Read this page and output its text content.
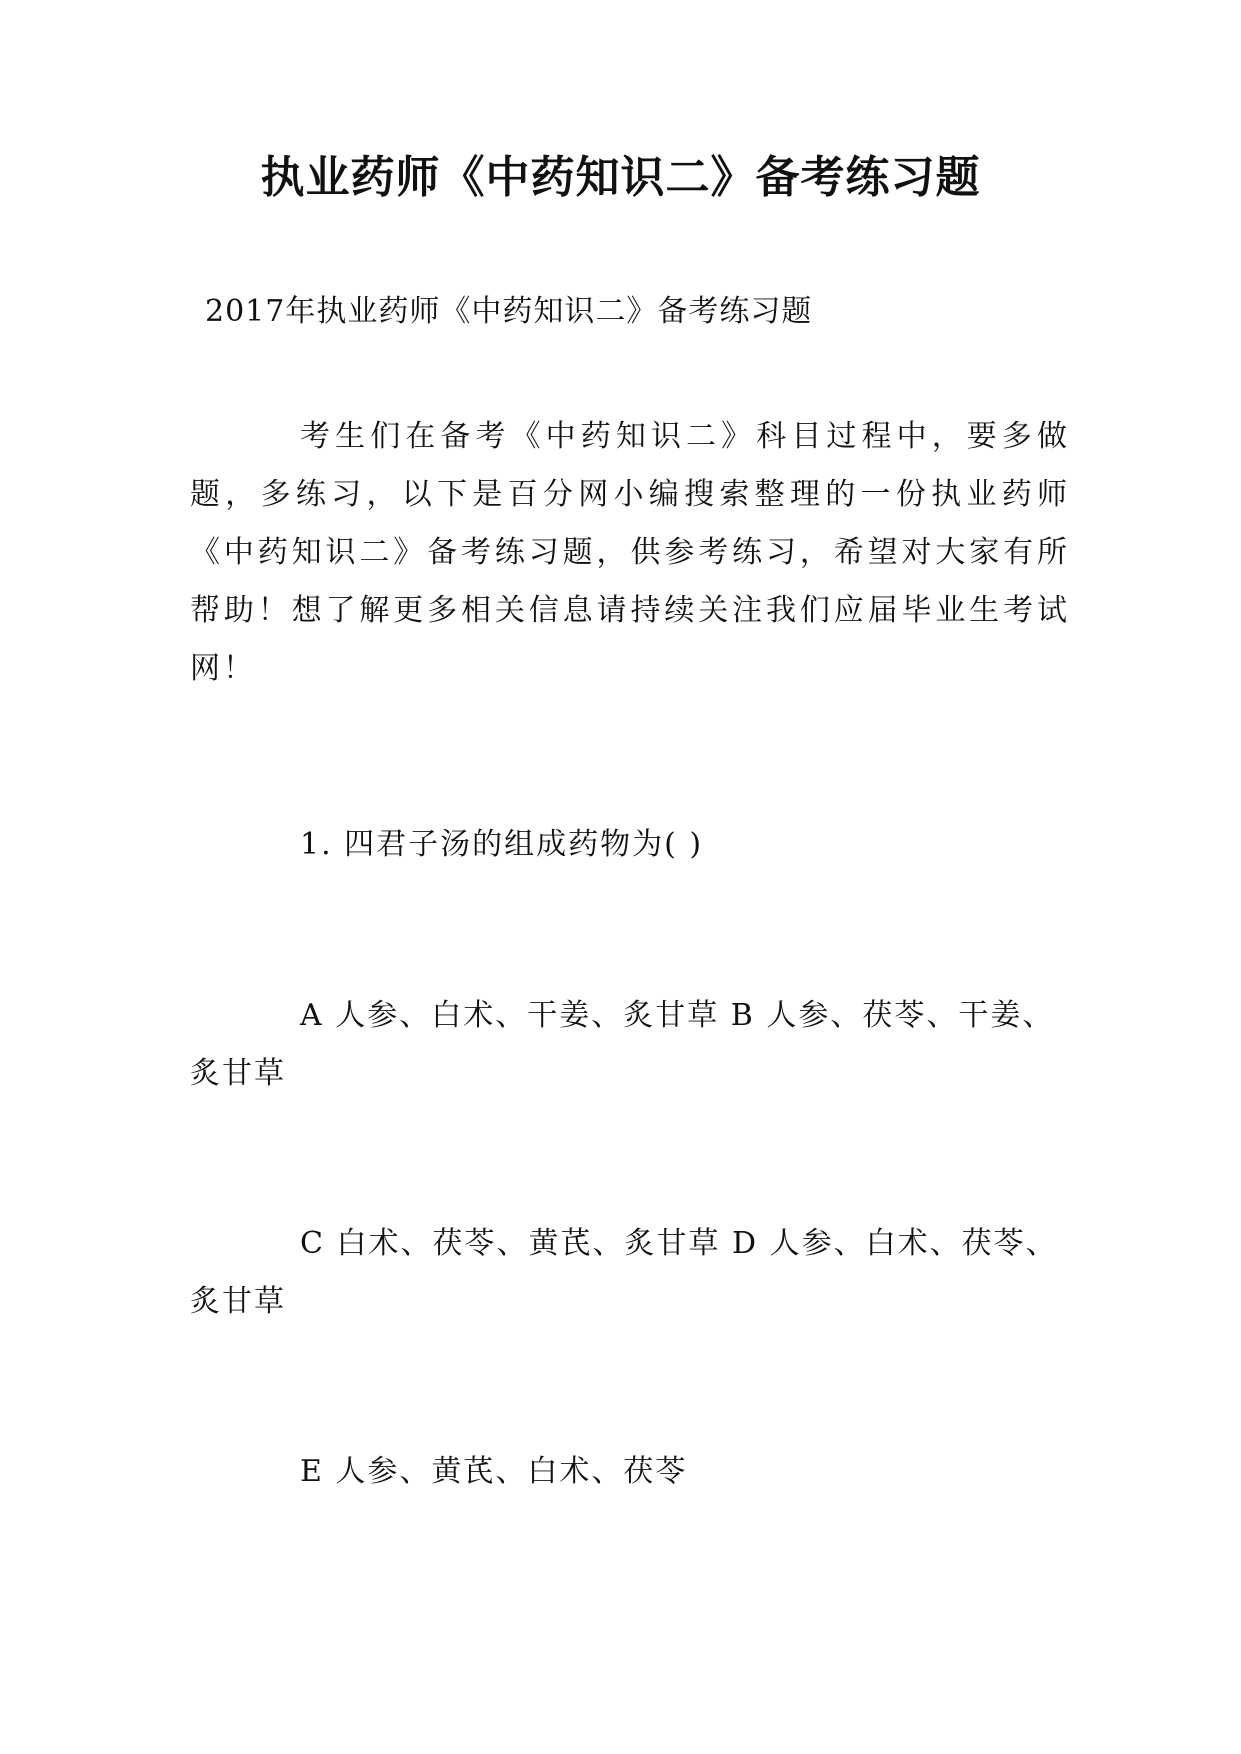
执业药师《中药知识二》备考练习题
2017年执业药师《中药知识二》备考练习题
考生们在备考《中药知识二》科目过程中，要多做题，多练习，以下是百分网小编搜索整理的一份执业药师《中药知识二》备考练习题，供参考练习，希望对大家有所帮助！想了解更多相关信息请持续关注我们应届毕业生考试网！
1. 四君子汤的组成药物为( )
A 人参、白术、干姜、炙甘草 B 人参、茯苓、干姜、
炙甘草
C 白术、茯苓、黄芪、炙甘草 D 人参、白术、茯苓、
炙甘草
E 人参、黄芪、白术、茯苓
